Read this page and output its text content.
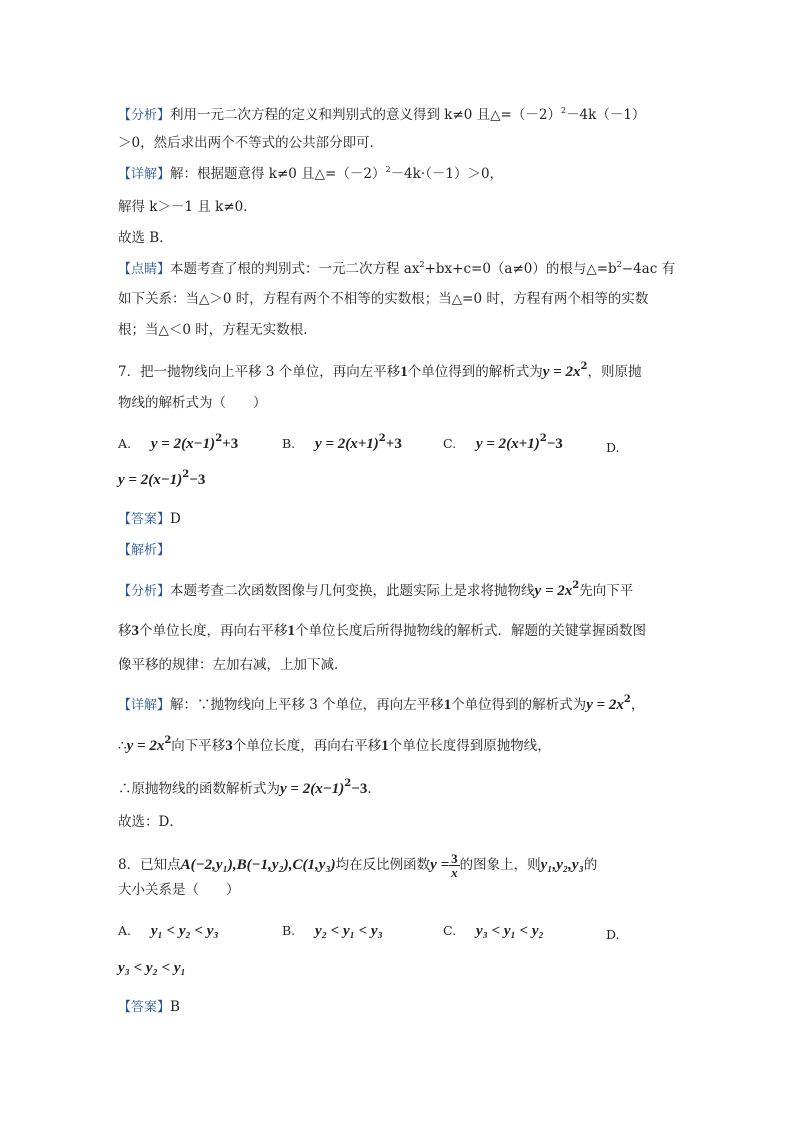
【分析】利用一元二次方程的定义和判别式的意义得到 k≠0 且$\triangle=(-2)^2-4k(-1)$
＞0，然后求出两个不等式的公共部分即可．
【详解】解：根据题意得 k≠0 且$\triangle=(-2)^2-4k\cdot(-1)>0$，
解得 k＞－1 且 k≠0．
故选 B．
【点睛】本题考查了根的判别式：一元二次方程 $ax^2+bx+c=0(a\ne 0)$的根与$\triangle=b^2-4ac$ 有
如下关系：当△＞0 时，方程有两个不相等的实数根；当△=0 时，方程有两个相等的实数
根；当△＜0 时，方程无实数根．
7．把一抛物线向上平移 3 个单位，再向左平移1个单位得到的解析式为$y = 2x^2$，则原抛
物线的解析式为（　　）
A. $y = 2(x-1)^2+3$	B. $y = 2(x+1)^2+3$	C. $y = 2(x+1)^2-3$	D.
$y = 2(x-1)^2-3$
【答案】D
【解析】
【分析】本题考查二次函数图像与几何变换，此题实际上是求将抛物线$y = 2x^2$先向下平
移3个单位长度，再向右平移1个单位长度后所得抛物线的解析式．解题的关键掌握函数图
像平移的规律：左加右减，上加下减．
【详解】解：∵抛物线向上平移 3 个单位，再向左平移1个单位得到的解析式为$y = 2x^2$，
∴y = $2x^2$向下平移3个单位长度，再向右平移1个单位长度得到原抛物线，
∴原抛物线的函数解析式为$y = 2(x-1)^2-3$．
故选：D．
8．已知点A(−2,y₁),B(−1,y₂),C(1,y₃)均在反比例函数$y = \frac{3}{x}$ 的图象上，则y₁,y₂,y₃的
大小关系是（　　）
A. y₁ < y₂ < y₃	B. y₂ < y₁ < y₃	C. y₃ < y₁ < y₂	D.
y₃ < y₂ < y₁
【答案】B
